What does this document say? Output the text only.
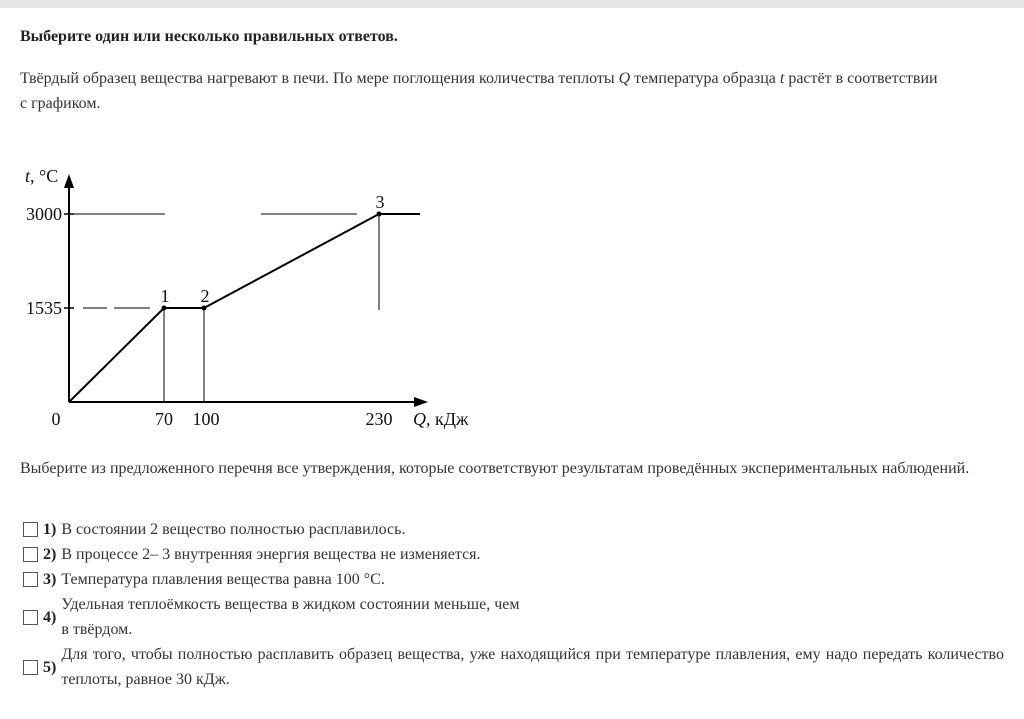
Выберите один или несколько правильных ответов.

Твёрдый образец вещества нагревают в печи. По мере поглощения количества теплоты Q температура образца t растёт в соответствии
с графиком.
1 2
3
3000
1535
0	70 100	230
t, °C
Q, кДж

Выберите из предложенного перечня все утверждения, которые соответствуют результатам проведённых экспериментальных наблюдений.

1) В состоянии 2 вещество полностью расплавилось.
2) В процессе 2– 3 внутренняя энергия вещества не изменяется.
3) Температура плавления вещества равна 100 °С.
4)
Удельная теплоёмкость вещества в жидком состоянии меньше, чем
в твёрдом.
5)
Для того, чтобы полностью расплавить образец вещества, уже находящийся при температуре плавления, ему надо передать количество теплоты, равное 30 кДж.
